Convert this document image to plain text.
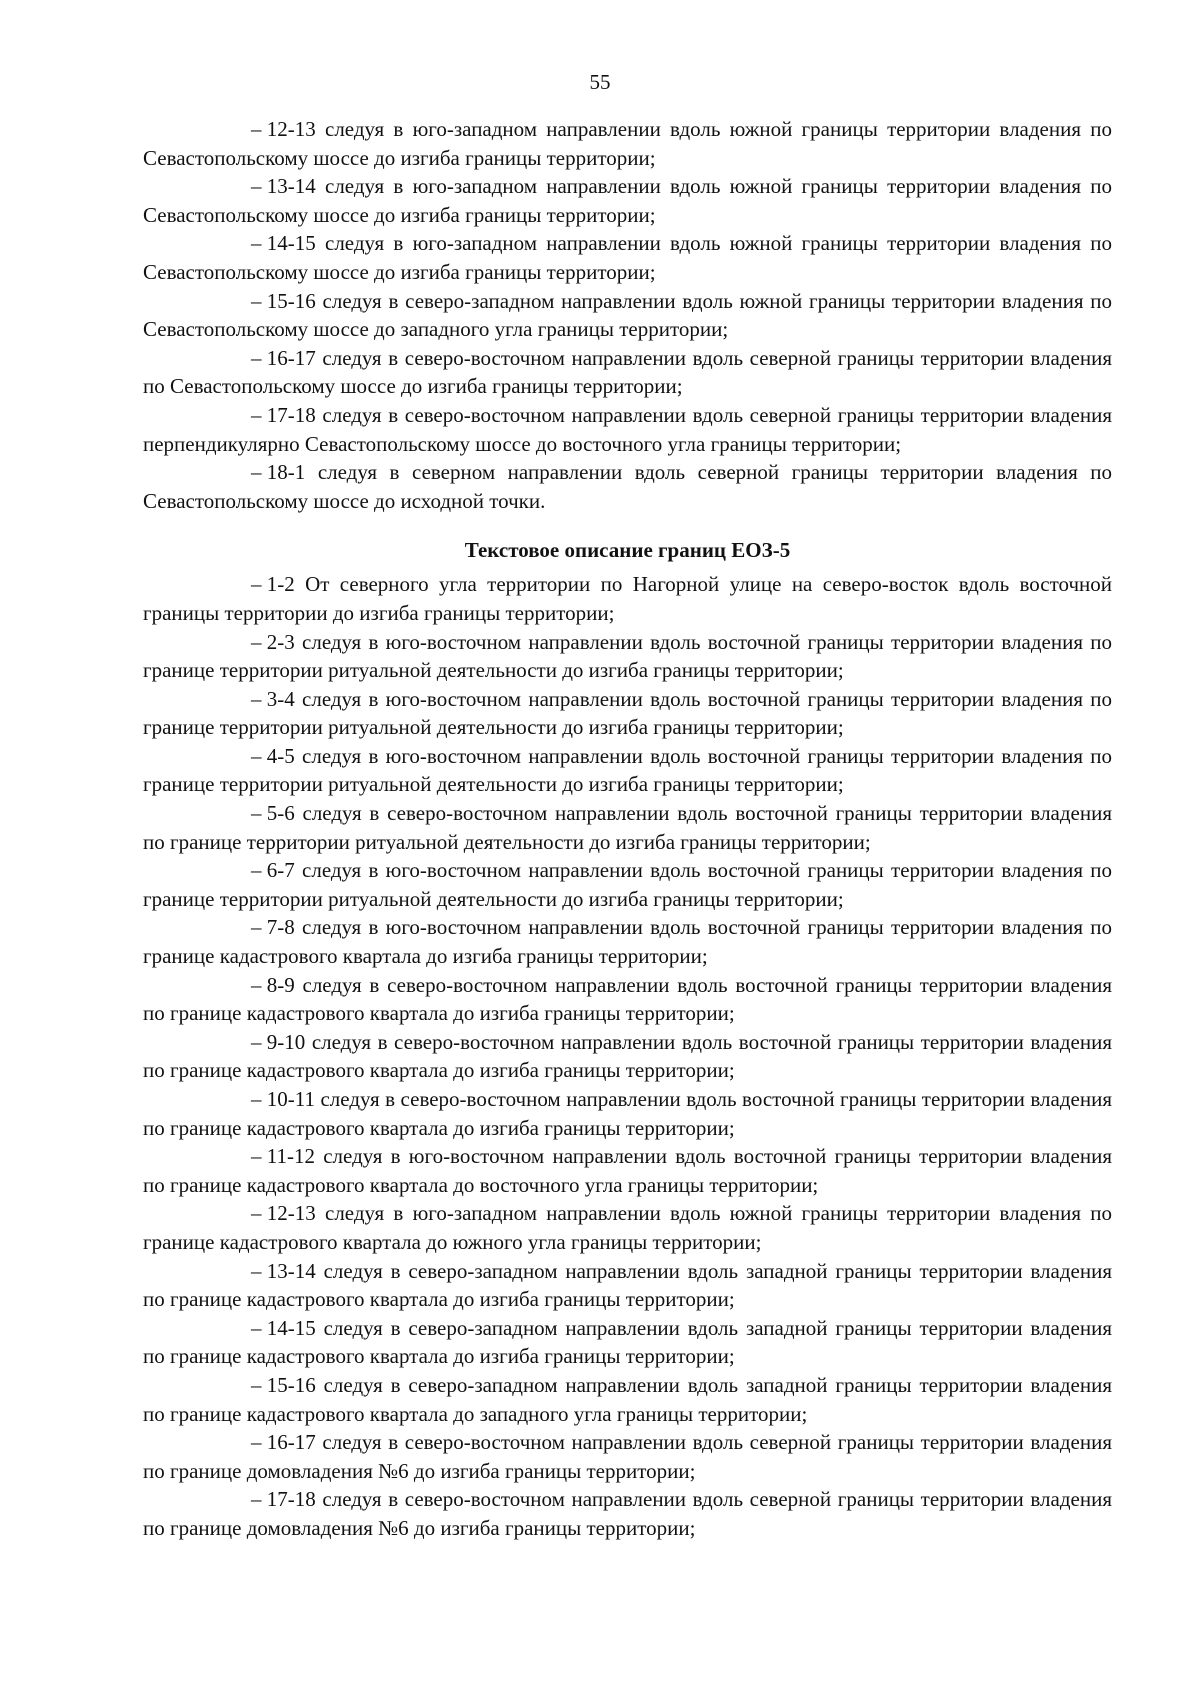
55

– 12-13 следуя в юго-западном направлении вдоль южной границы территории владения по Севастопольскому шоссе до изгиба границы территории;

– 13-14 следуя в юго-западном направлении вдоль южной границы территории владения по Севастопольскому шоссе до изгиба границы территории;

– 14-15 следуя в юго-западном направлении вдоль южной границы территории владения по Севастопольскому шоссе до изгиба границы территории;

– 15-16 следуя в северо-западном направлении вдоль южной границы территории владения по Севастопольскому шоссе до западного угла границы территории;

– 16-17 следуя в северо-восточном направлении вдоль северной границы территории владения по Севастопольскому шоссе до изгиба границы территории;

– 17-18 следуя в северо-восточном направлении вдоль северной границы территории владения перпендикулярно Севастопольскому шоссе до восточного угла границы территории;

– 18-1 следуя в северном направлении вдоль северной границы территории владения по Севастопольскому шоссе до исходной точки.

Текстовое описание границ ЕОЗ-5

– 1-2 От северного угла территории по Нагорной улице на северо-восток вдоль восточной границы территории до изгиба границы территории;

– 2-3 следуя в юго-восточном направлении вдоль восточной границы территории владения по границе территории ритуальной деятельности до изгиба границы территории;

– 3-4 следуя в юго-восточном направлении вдоль восточной границы территории владения по границе территории ритуальной деятельности до изгиба границы территории;

– 4-5 следуя в юго-восточном направлении вдоль восточной границы территории владения по границе территории ритуальной деятельности до изгиба границы территории;

– 5-6 следуя в северо-восточном направлении вдоль восточной границы территории владения по границе территории ритуальной деятельности до изгиба границы территории;

– 6-7 следуя в юго-восточном направлении вдоль восточной границы территории владения по границе территории ритуальной деятельности до изгиба границы территории;

– 7-8 следуя в юго-восточном направлении вдоль восточной границы территории владения по границе кадастрового квартала до изгиба границы территории;

– 8-9 следуя в северо-восточном направлении вдоль восточной границы территории владения по границе кадастрового квартала до изгиба границы территории;

– 9-10 следуя в северо-восточном направлении вдоль восточной границы территории владения по границе кадастрового квартала до изгиба границы территории;

– 10-11 следуя в северо-восточном направлении вдоль восточной границы территории владения по границе кадастрового квартала до изгиба границы территории;

– 11-12 следуя в юго-восточном направлении вдоль восточной границы территории владения по границе кадастрового квартала до восточного угла границы территории;

– 12-13 следуя в юго-западном направлении вдоль южной границы территории владения по границе кадастрового квартала до южного угла границы территории;

– 13-14 следуя в северо-западном направлении вдоль западной границы территории владения по границе кадастрового квартала до изгиба границы территории;

– 14-15 следуя в северо-западном направлении вдоль западной границы территории владения по границе кадастрового квартала до изгиба границы территории;

– 15-16 следуя в северо-западном направлении вдоль западной границы территории владения по границе кадастрового квартала до западного угла границы территории;

– 16-17 следуя в северо-восточном направлении вдоль северной границы территории владения по границе домовладения №6 до изгиба границы территории;

– 17-18 следуя в северо-восточном направлении вдоль северной границы территории владения по границе домовладения №6 до изгиба границы территории;
